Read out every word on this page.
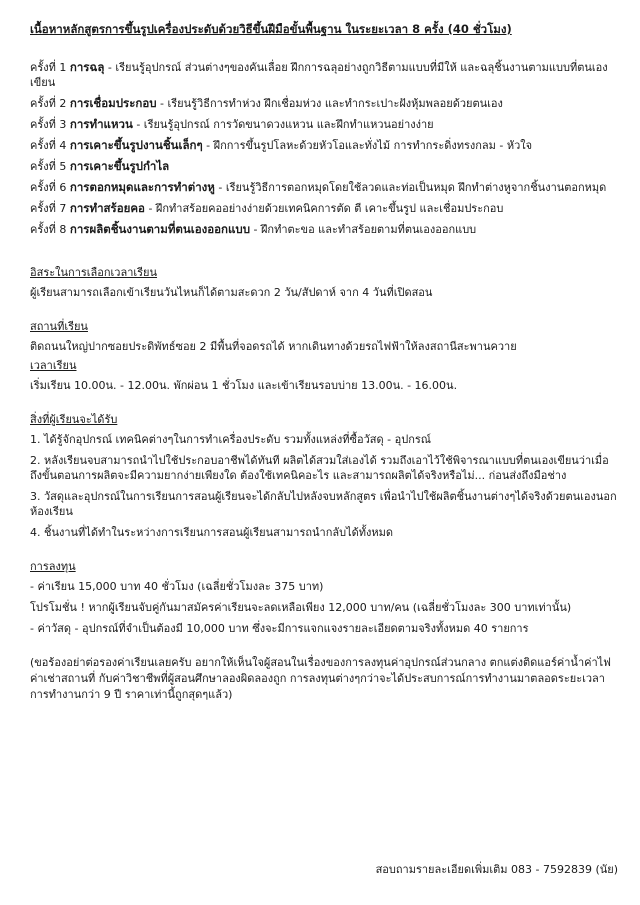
เนื้อหาหลักสูตรการขึ้นรูปเครื่องประดับด้วยวิธีขึ้นฝีมือขั้นพื้นฐาน ในระยะเวลา 8 ครั้ง (40 ชั่วโมง)
ครั้งที่ 1 การฉลุ - เรียนรู้อุปกรณ์ ส่วนต่างๆของคันเลื่อย ฝึกการฉลุอย่างถูกวิธีตามแบบที่มีให้ และฉลุชิ้นงานตามแบบที่ตนเองเขียน
ครั้งที่ 2 การเชื่อมประกอบ - เรียนรู้วิธีการทำห่วง ฝึกเชื่อมห่วง และทำกระเปาะฝังหุ้มพลอยด้วยตนเอง
ครั้งที่ 3 การทำแหวน - เรียนรู้อุปกรณ์ การวัดขนาดวงแหวน และฝึกทำแหวนอย่างง่าย
ครั้งที่ 4 การเคาะขึ้นรูปงานชิ้นเล็กๆ - ฝึกการขึ้นรูปโลหะด้วยหัวโอและทั่งไม้ การทำกระดิ่งทรงกลม - หัวใจ
ครั้งที่ 5 การเคาะขึ้นรูปกำไล
ครั้งที่ 6 การตอกหมุดและการทำต่างหู - เรียนรู้วิธีการตอกหมุดโดยใช้ลวดและท่อเป็นหมุด ฝึกทำต่างหูจากชิ้นงานตอกหมุด
ครั้งที่ 7 การทำสร้อยคอ - ฝึกทำสร้อยคออย่างง่ายด้วยเทคนิคการตัด ตี เคาะขึ้นรูป และเชื่อมประกอบ
ครั้งที่ 8 การผลิตชิ้นงานตามที่ตนเองออกแบบ - ฝึกทำตะขอ และทำสร้อยตามที่ตนเองออกแบบ
อิสระในการเลือกเวลาเรียน
ผู้เรียนสามารถเลือกเข้าเรียนวันไหนก็ได้ตามสะดวก 2 วัน/สัปดาห์ จาก 4 วันที่เปิดสอน
สถานที่เรียน
ติดถนนใหญ่ปากซอยประดิพัทธ์ซอย 2 มีพื้นที่จอดรถได้ หากเดินทางด้วยรถไฟฟ้าให้ลงสถานีสะพานควาย
เวลาเรียน
เริ่มเรียน 10.00น. - 12.00น. พักผ่อน 1 ชั่วโมง และเข้าเรียนรอบบ่าย 13.00น. - 16.00น.
สิ่งที่ผู้เรียนจะได้รับ
1. ได้รู้จักอุปกรณ์ เทคนิคต่างๆในการทำเครื่องประดับ รวมทั้งแหล่งที่ซื้อวัสดุ - อุปกรณ์
2. หลังเรียนจบสามารถนำไปใช้ประกอบอาชีพได้ทันที ผลิตได้สวมใส่เองได้ รวมถึงเอาไว้ใช้พิจารณาแบบที่ตนเองเขียนว่าเมื่อถึงขั้นตอนการผลิตจะมีความยากง่ายเพียงใด ต้องใช้เทคนิคอะไร และสามารถผลิตได้จริงหรือไม่... ก่อนส่งถึงมือช่าง
3. วัสดุและอุปกรณ์ในการเรียนการสอนผู้เรียนจะได้กลับไปหลังจบหลักสูตร เพื่อนำไปใช้ผลิตชิ้นงานต่างๆได้จริงด้วยตนเองนอกห้องเรียน
4. ชิ้นงานที่ได้ทำในระหว่างการเรียนการสอนผู้เรียนสามารถนำกลับได้ทั้งหมด
การลงทุน
- ค่าเรียน 15,000 บาท 40 ชั่วโมง (เฉลี่ยชั่วโมงละ 375 บาท)
โปรโมชั่น ! หากผู้เรียนจับคู่กันมาสมัครค่าเรียนจะลดเหลือเพียง 12,000 บาท/คน (เฉลี่ยชั่วโมงละ 300 บาทเท่านั้น)
- ค่าวัสดุ - อุปกรณ์ที่จำเป็นต้องมี 10,000 บาท ซึ่งจะมีการแจกแจงรายละเอียดตามจริงทั้งหมด 40 รายการ
(ขอร้องอย่าต่อรองค่าเรียนเลยครับ อยากให้เห็นใจผู้สอนในเรื่องของการลงทุนค่าอุปกรณ์ส่วนกลาง ตกแต่งติดแอร์ค่าน้ำค่าไฟ ค่าเช่าสถานที่ กับค่าวิชาชีพที่ผู้สอนศึกษาลองผิดลองถูก การลงทุนต่างๆกว่าจะได้ประสบการณ์การทำงานมาตลอดระยะเวลาการทำงานกว่า 9 ปี ราคาเท่านี้ถูกสุดๆแล้ว)
สอบถามรายละเอียดเพิ่มเติม 083 - 7592839 (นัย)
